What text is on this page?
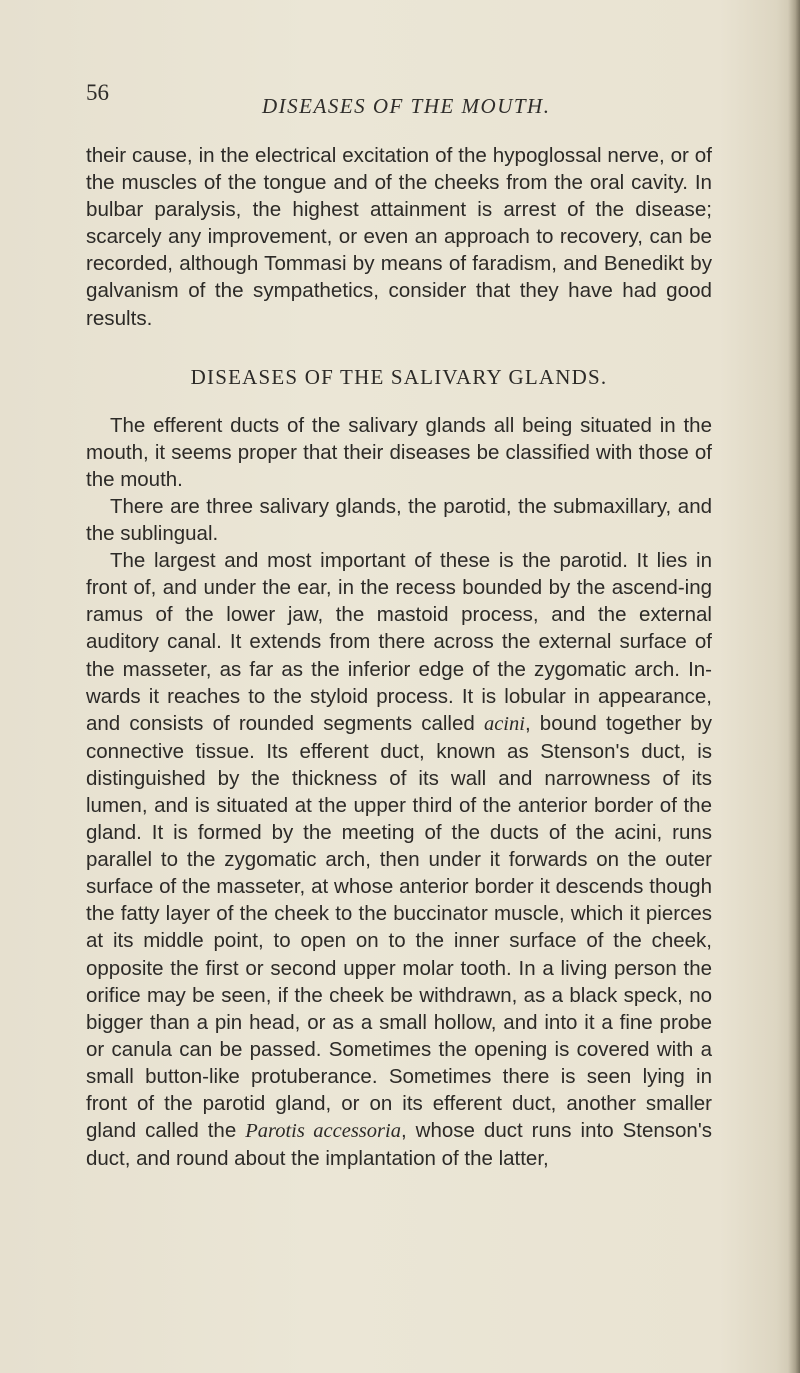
56
DISEASES OF THE MOUTH.

their cause, in the electrical excitation of the hypoglossal nerve, or of the muscles of the tongue and of the cheeks from the oral cavity. In bulbar paralysis, the highest attainment is arrest of the disease; scarcely any improvement, or even an approach to recovery, can be recorded, although Tommasi by means of faradism, and Benedikt by galvanism of the sympathetics, consider that they have had good results.

DISEASES OF THE SALIVARY GLANDS.

The efferent ducts of the salivary glands all being situated in the mouth, it seems proper that their diseases be classified with those of the mouth.

There are three salivary glands, the parotid, the submaxillary, and the sublingual.

The largest and most important of these is the parotid. It lies in front of, and under the ear, in the recess bounded by the ascend-ing ramus of the lower jaw, the mastoid process, and the external auditory canal. It extends from there across the external surface of the masseter, as far as the inferior edge of the zygomatic arch. In-wards it reaches to the styloid process. It is lobular in appearance, and consists of rounded segments called acini, bound together by connective tissue. Its efferent duct, known as Stenson's duct, is distinguished by the thickness of its wall and narrowness of its lumen, and is situated at the upper third of the anterior border of the gland. It is formed by the meeting of the ducts of the acini, runs parallel to the zygomatic arch, then under it forwards on the outer surface of the masseter, at whose anterior border it descends though the fatty layer of the cheek to the buccinator muscle, which it pierces at its middle point, to open on to the inner surface of the cheek, opposite the first or second upper molar tooth. In a living person the orifice may be seen, if the cheek be withdrawn, as a black speck, no bigger than a pin head, or as a small hollow, and into it a fine probe or canula can be passed. Sometimes the opening is covered with a small button-like protuberance. Sometimes there is seen lying in front of the parotid gland, or on its efferent duct, another smaller gland called the Parotis accessoria, whose duct runs into Stenson's duct, and round about the implantation of the latter,
